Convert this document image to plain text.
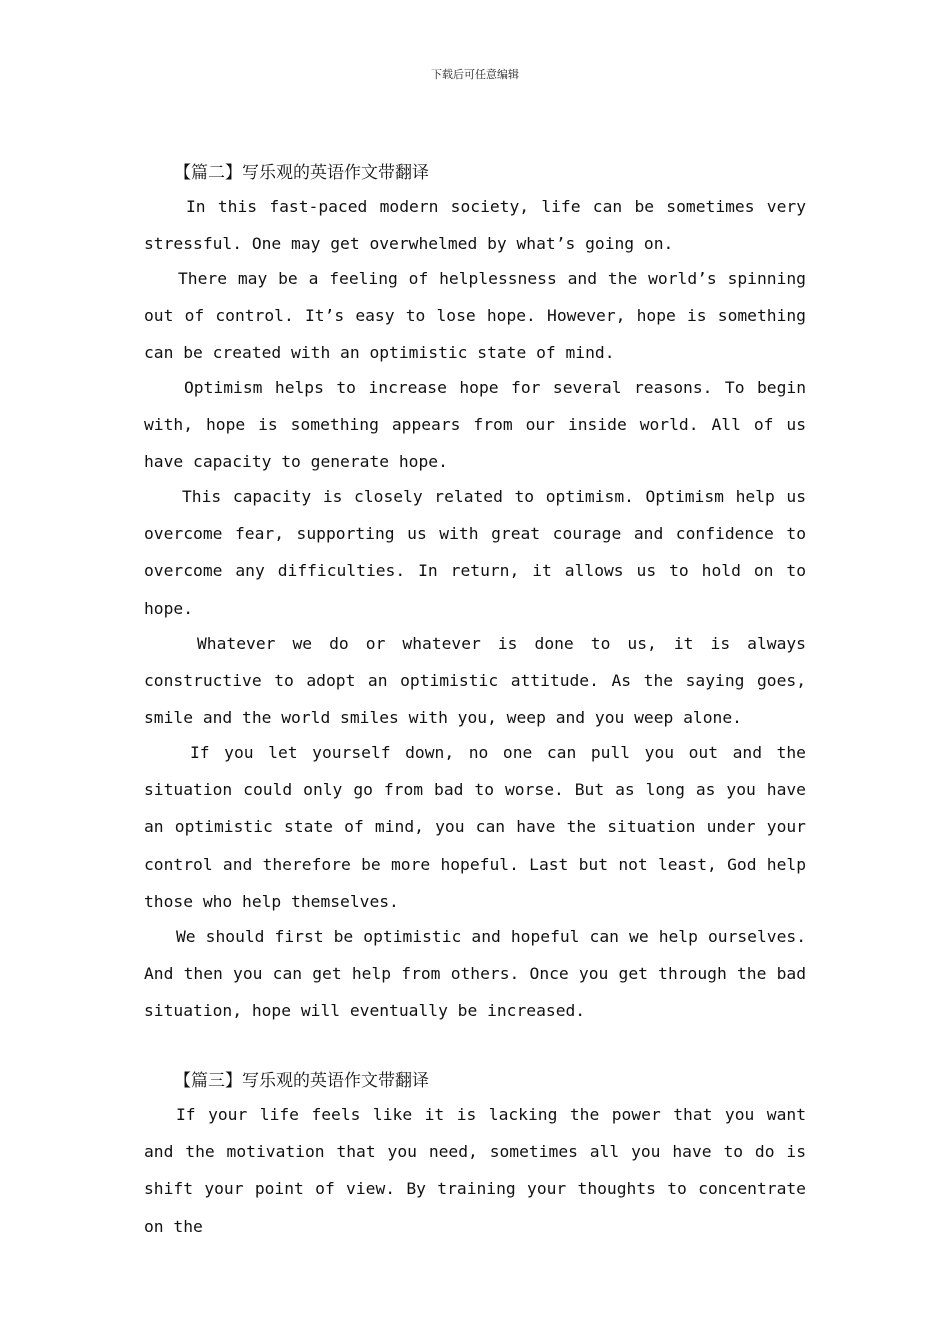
下载后可任意编辑
【篇二】写乐观的英语作文带翻译
In this fast-paced modern society, life can be sometimes very stressful. One may get overwhelmed by what’s going on.
There may be a feeling of helplessness and the world’s spinning out of control. It’s easy to lose hope. However, hope is something can be created with an optimistic state of mind.
Optimism helps to increase hope for several reasons. To begin with, hope is something appears from our inside world. All of us have capacity to generate hope.
This capacity is closely related to optimism. Optimism help us overcome fear, supporting us with great courage and confidence to overcome any difficulties. In return, it allows us to hold on to hope.
Whatever we do or whatever is done to us, it is always constructive to adopt an optimistic attitude. As the saying goes, smile and the world smiles with you, weep and you weep alone.
If you let yourself down, no one can pull you out and the situation could only go from bad to worse. But as long as you have an optimistic state of mind, you can have the situation under your control and therefore be more hopeful. Last but not least, God help those who help themselves.
We should first be optimistic and hopeful can we help ourselves. And then you can get help from others. Once you get through the bad situation, hope will eventually be increased.
【篇三】写乐观的英语作文带翻译
If your life feels like it is lacking the power that you want and the motivation that you need, sometimes all you have to do is shift your point of view. By training your thoughts to concentrate on the
